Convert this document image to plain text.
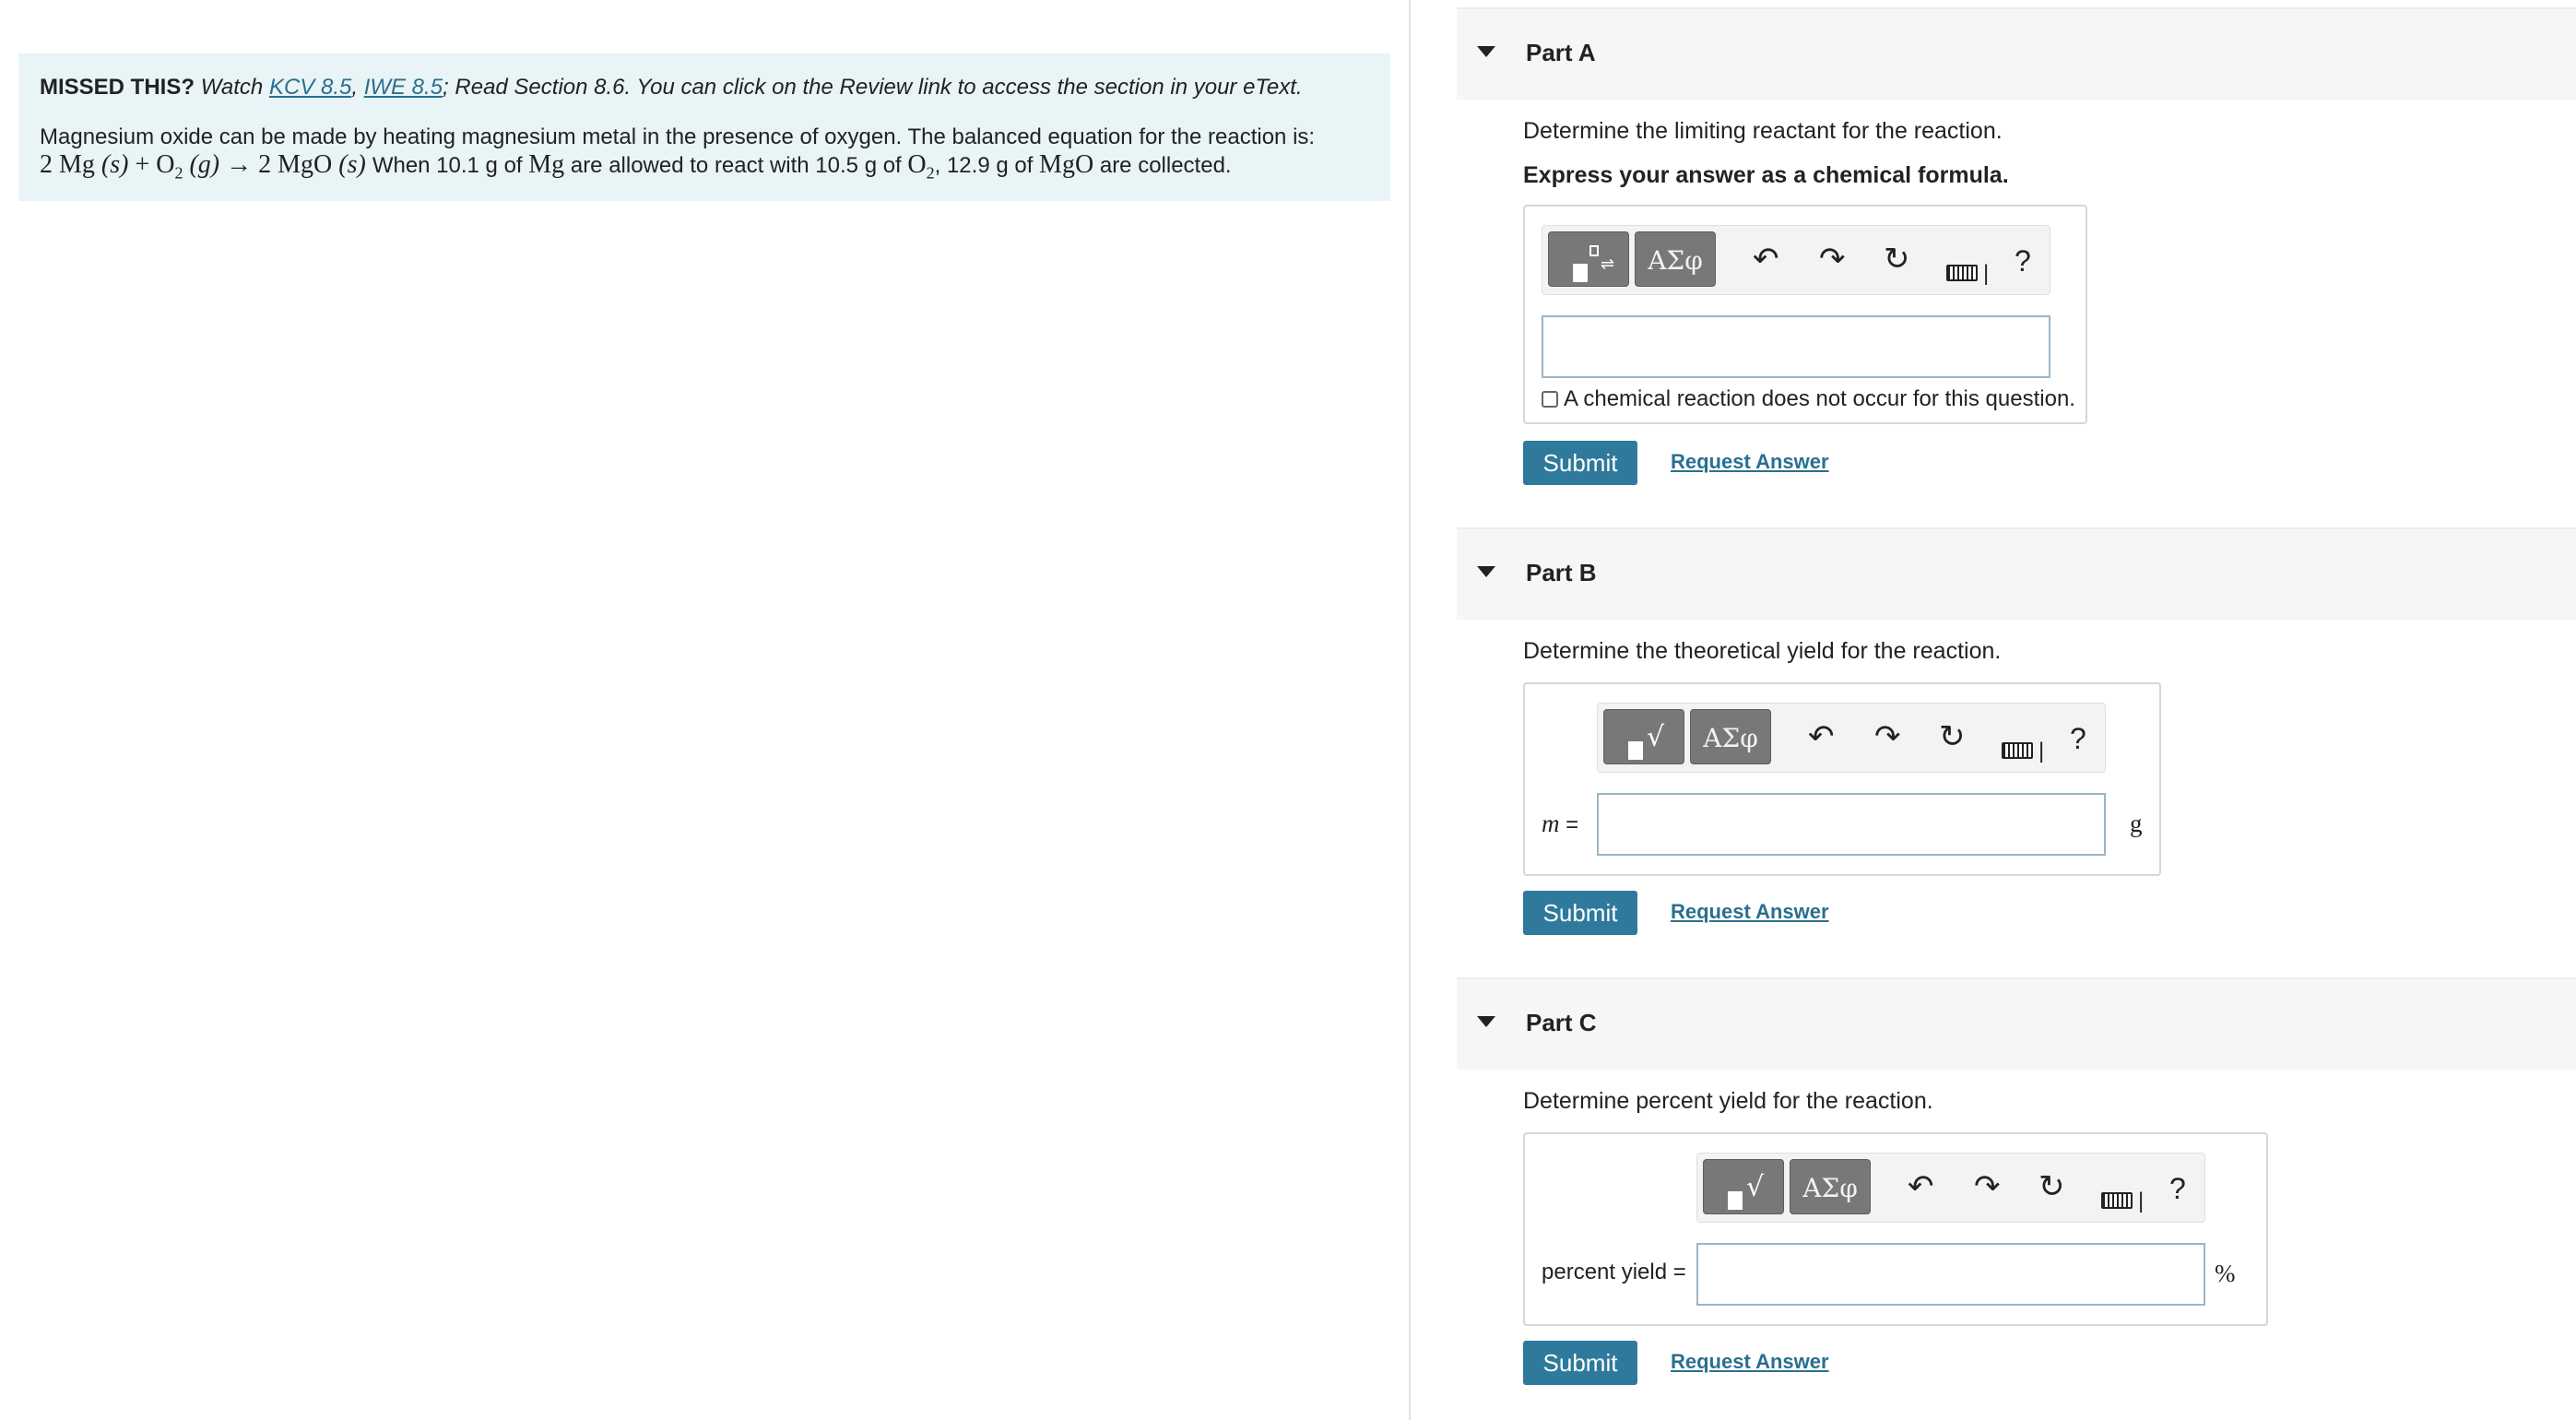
MISSED THIS? Watch KCV 8.5, IWE 8.5; Read Section 8.6. You can click on the Review link to access the section in your eText.
Magnesium oxide can be made by heating magnesium metal in the presence of oxygen. The balanced equation for the reaction is:
2 Mg $(s) + O_2$ (g) → 2 MgO (s) When 10.1 g of Mg are allowed to react with 10.5 g of $O_2$, 12.9 g of MgO are collected.
Part A
Determine the limiting reactant for the reaction.
Express your answer as a chemical formula.
⇌	ΑΣφ	↶ ↷ ↻	| ?
A chemical reaction does not occur for this question.
Submit	Request Answer
Part B
Determine the theoretical yield for the reaction.
√	ΑΣφ	↶ ↷ ↻	| ?
m =	g
Submit	Request Answer
Part C
Determine percent yield for the reaction.
√	ΑΣφ	↶ ↷ ↻	| ?
percent yield =	%
Submit	Request Answer
